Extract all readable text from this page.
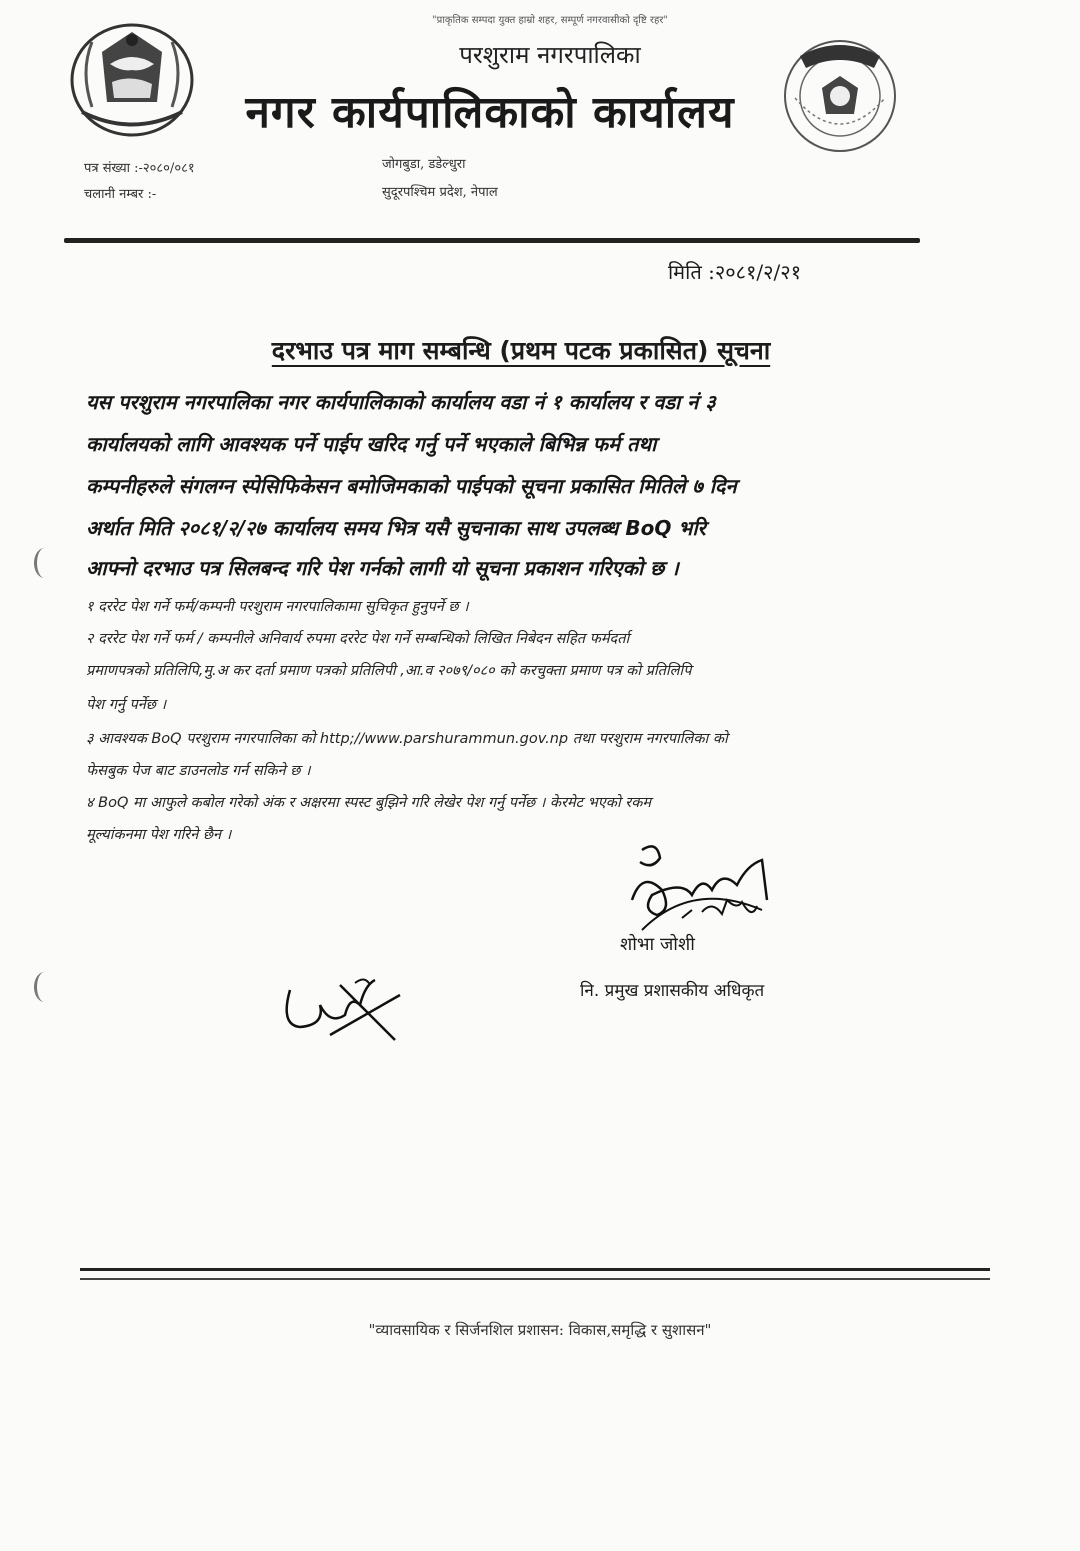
"प्राकृतिक सम्पदा युक्त हाम्रो शहर, सम्पूर्ण नगरवासीको दृष्टि रहर"
परशुराम नगरपालिका
नगर कार्यपालिकाको कार्यालय
पत्र संख्या :-२०८०/०८१
चलानी नम्बर :-
जोगबुडा, डडेल्धुरा
सुदूरपश्चिम प्रदेश, नेपाल
मिति :२०८१/२/२१
दरभाउ पत्र माग सम्बन्धि (प्रथम पटक प्रकासित) सूचना
यस परशुराम नगरपालिका नगर कार्यपालिकाको कार्यालय वडा नं १ कार्यालय र वडा नं ३
कार्यालयको लागि आवश्यक पर्ने पाईप खरिद गर्नु पर्ने भएकाले बिभिन्न फर्म तथा
कम्पनीहरुले संगलग्न स्पेसिफिकेसन बमोजिमकाको पाईपको सूचना प्रकासित मितिले ७ दिन
अर्थात मिति २०८१/२/२७ कार्यालय समय भित्र यसै सुचनाका साथ उपलब्ध BoQ भरि
आफ्नो दरभाउ पत्र सिलबन्द गरि पेश गर्नको लागी यो सूचना प्रकाशन गरिएको छ ।
१ दररेट पेश गर्ने फर्म/कम्पनी परशुराम नगरपालिकामा सुचिकृत हुनुपर्ने छ ।
२ दररेट पेश गर्ने फर्म / कम्पनीले अनिवार्य रुपमा दररेट पेश गर्ने सम्बन्धिको लिखित निबेदन सहित फर्मदर्ता
प्रमाणपत्रको प्रतिलिपि,मु.अ कर दर्ता प्रमाण पत्रको प्रतिलिपी ,आ.व २०७९/०८० को करचुक्ता प्रमाण पत्र को प्रतिलिपि
पेश गर्नु पर्नेछ ।
३ आवश्यक BoQ परशुराम नगरपालिका को http;//www.parshurammun.gov.np तथा परशुराम नगरपालिका को
फेसबुक पेज बाट डाउनलोड गर्न सकिने छ ।
४ BoQ मा आफुले कबोल गरेको अंक र अक्षरमा स्पस्ट बुझिने गरि लेखेर पेश गर्नु पर्नेछ । केरमेट भएको रकम
मूल्यांकनमा पेश गरिने छैन ।
शोभा जोशी
नि. प्रमुख प्रशासकीय अधिकृत
"व्यावसायिक र सिर्जनशिल प्रशासन: विकास,समृद्धि र सुशासन"
